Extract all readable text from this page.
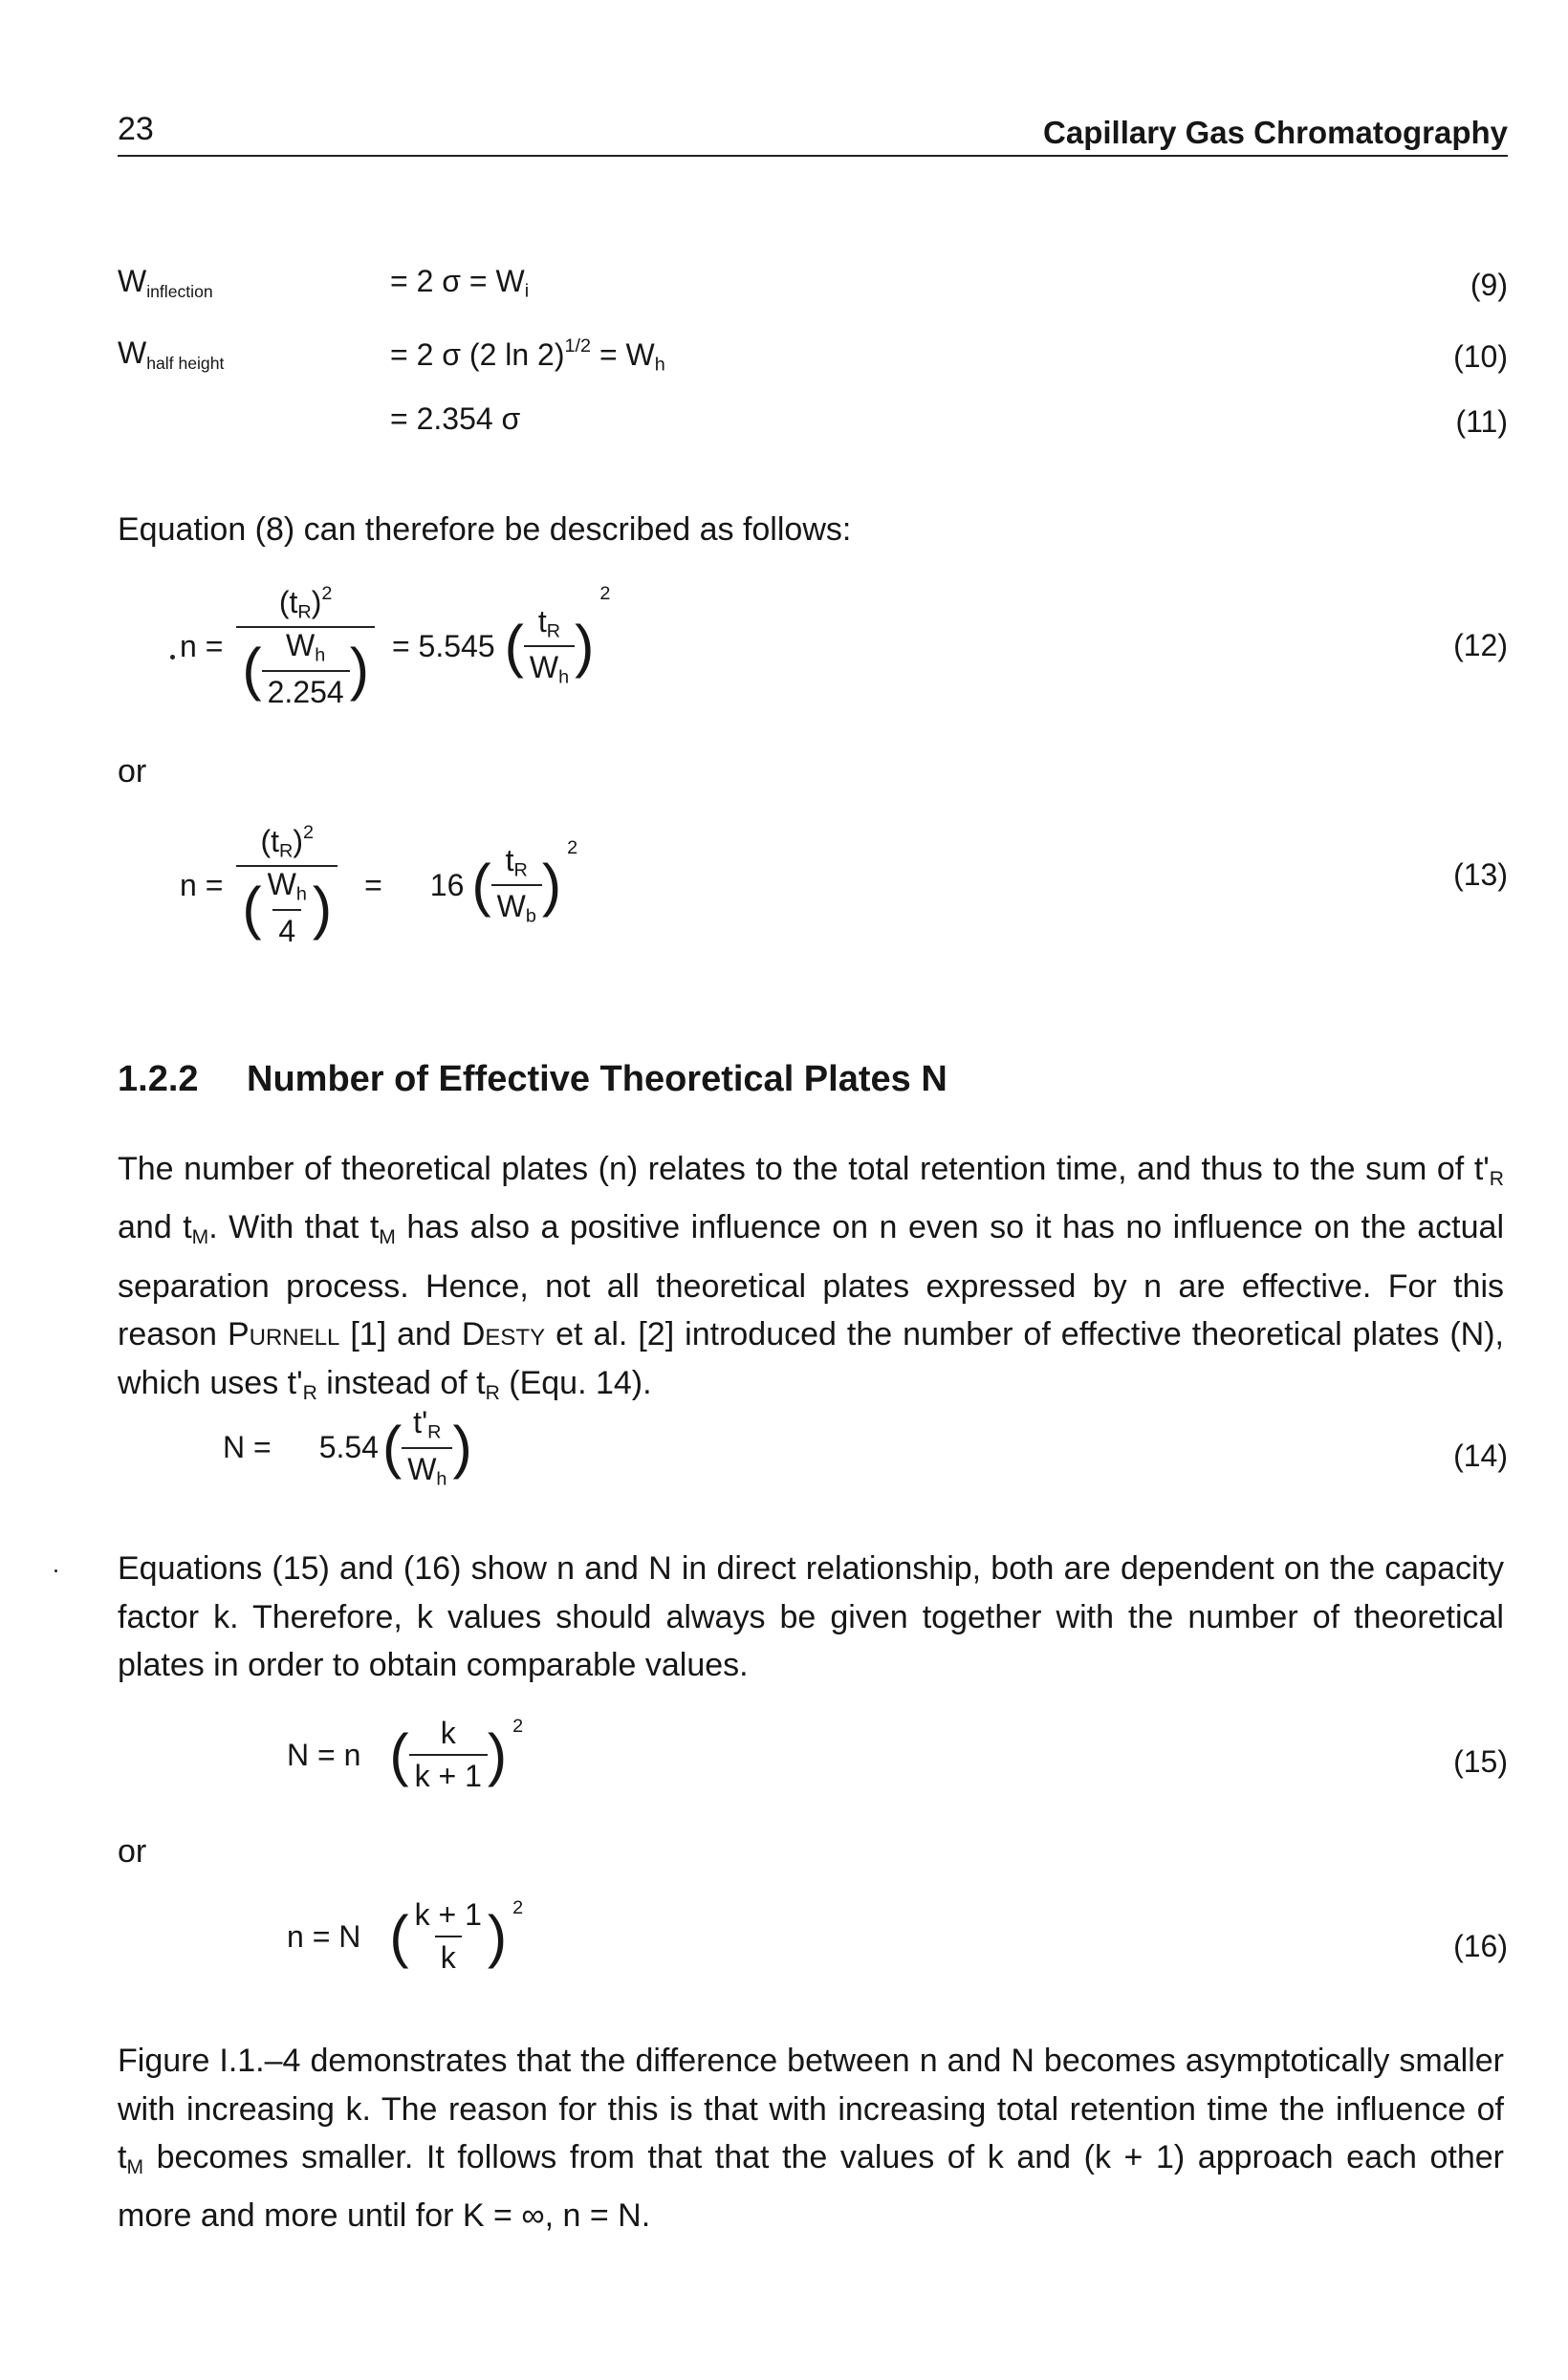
23	Capillary Gas Chromatography
Winflection	= 2 $\sigma = W_i$	(9)
Whalf height	= 2 σ (2 $\ln 2)^{1/2} = W_h$	(10)
= 2.354 σ	(11)
Equation (8) can therefore be described as follows:
$n = \frac{(t_R)^2}{( \frac{W_h}{2.254} )} = 5.545$ ( $\frac{t_R}{W_h}$ )
2
(12)
or
$n = \frac{(t_R)^2}{( \frac{W_h}{4} )} = 16$ ( $\frac{t_R}{W_b}$ )
2
(13)
1.2.2 Number of Effective Theoretical Plates N
The number of theoretical plates (n) relates to the total retention time, and thus to the sum of $t'_R$ and $t_M$. With that $t_M$ has also a positive influence on n even so it has no influence on the actual separation process. Hence, not all theoretical plates expressed by n are effective. For this reason Purnell [1] and Desty et al. [2] introduced the number of effective theoretical plates (N), which uses $t'_R$ instead of $t_R$ (Equ. 14).
N = 5.54 ( $\frac{t'_R}{W_h}$ )	(14)
Equations (15) and (16) show n and N in direct relationship, both are dependent on the capacity factor k. Therefore, k values should always be given together with the number of theoretical plates in order to obtain comparable values.
N = n ( $\frac{k}{k + 1}$ ) 2
(15)
or
n = N ( $\frac{k + 1}{k}$ ) 2
(16)
Figure I.1.–4 demonstrates that the difference between n and N becomes asymptotically smaller with increasing k. The reason for this is that with increasing total retention time the influence of $t_M$ becomes smaller. It follows from that that the values of k and (k + 1) approach each other more and more until for K = ∞, n = N.
